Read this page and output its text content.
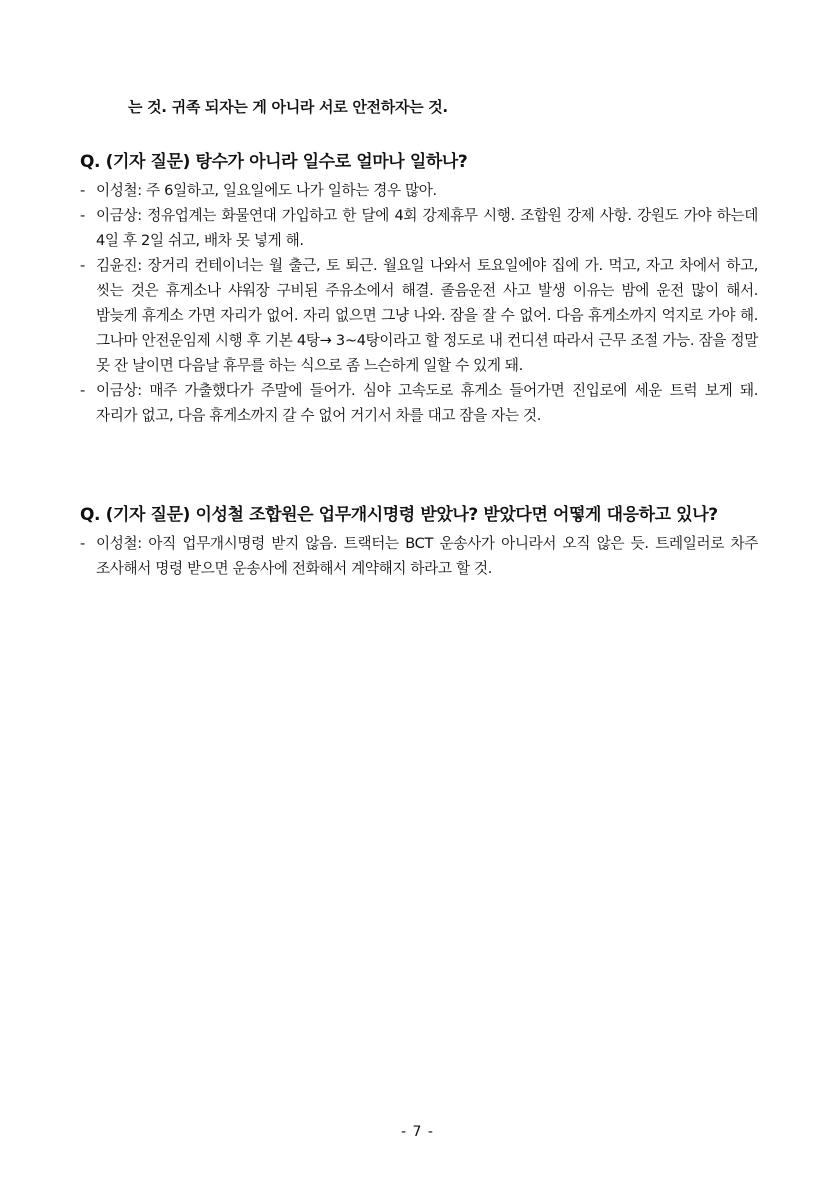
는 것. 귀족 되자는 게 아니라 서로 안전하자는 것.
Q. (기자 질문) 탕수가 아니라 일수로 얼마나 일하나?
- 이성철: 주 6일하고, 일요일에도 나가 일하는 경우 많아.
- 이금상: 정유업계는 화물연대 가입하고 한 달에 4회 강제휴무 시행. 조합원 강제 사항. 강원도 가야 하는데 4일 후 2일 쉬고, 배차 못 넣게 해.
- 김윤진: 장거리 컨테이너는 월 출근, 토 퇴근. 월요일 나와서 토요일에야 집에 가. 먹고, 자고 차에서 하고, 씻는 것은 휴게소나 샤워장 구비된 주유소에서 해결. 졸음운전 사고 발생 이유는 밤에 운전 많이 해서. 밤늦게 휴게소 가면 자리가 없어. 자리 없으면 그냥 나와. 잠을 잘 수 없어. 다음 휴게소까지 억지로 가야 해. 그나마 안전운임제 시행 후 기본 4탕→ 3~4탕이라고 할 정도로 내 컨디션 따라서 근무 조절 가능. 잠을 정말 못 잔 날이면 다음날 휴무를 하는 식으로 좀 느슨하게 일할 수 있게 돼.
- 이금상: 매주 가출했다가 주말에 들어가. 심야 고속도로 휴게소 들어가면 진입로에 세운 트럭 보게 돼. 자리가 없고, 다음 휴게소까지 갈 수 없어 거기서 차를 대고 잠을 자는 것.
Q. (기자 질문) 이성철 조합원은 업무개시명령 받았나? 받았다면 어떻게 대응하고 있나?
- 이성철: 아직 업무개시명령 받지 않음. 트랙터는 BCT 운송사가 아니라서 오직 않은 듯. 트레일러로 차주 조사해서 명령 받으면 운송사에 전화해서 계약해지 하라고 할 것.
- 7 -
